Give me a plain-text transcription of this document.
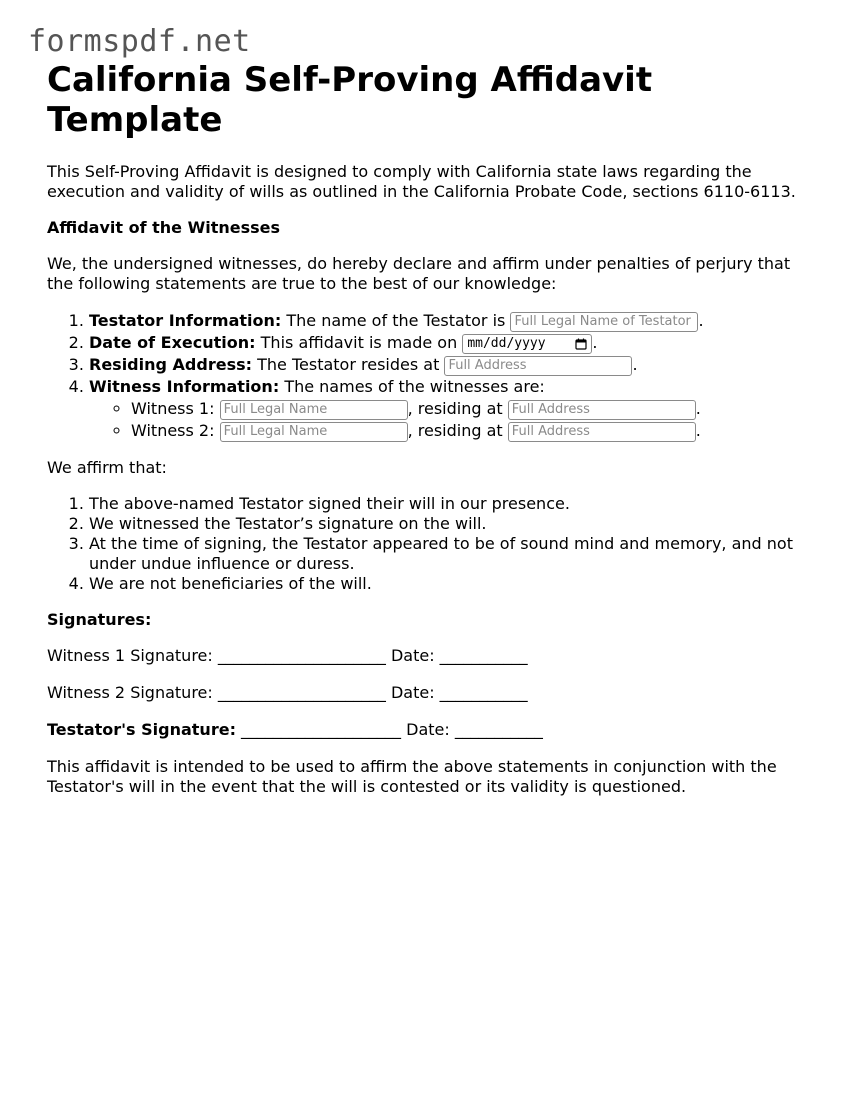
formspdf.net
California Self-Proving Affidavit Template

This Self-Proving Affidavit is designed to comply with California state laws regarding the execution and validity of wills as outlined in the California Probate Code, sections 6110-6113.

Affidavit of the Witnesses

We, the undersigned witnesses, do hereby declare and affirm under penalties of perjury that the following statements are true to the best of our knowledge:

1. Testator Information: The name of the Testator is Full Legal Name of Testator	.
2. Date of Execution: This affidavit is made on mm/dd/yyyy	.
3. Residing Address: The Testator resides at Full Address	.
4. Witness Information: The names of the witnesses are:
◦ Witness 1: Full Legal Name	, residing at Full Address	.
◦ Witness 2: Full Legal Name	, residing at Full Address	.

We affirm that:

1. The above-named Testator signed their will in our presence.
2. We witnessed the Testator’s signature on the will.
3. At the time of signing, the Testator appeared to be of sound mind and memory, and not under undue influence or duress.
4. We are not beneficiaries of the will.

Signatures:

Witness 1 Signature: _____________________ Date: ___________

Witness 2 Signature: _____________________ Date: ___________

Testator's Signature: ____________________ Date: ___________

This affidavit is intended to be used to affirm the above statements in conjunction with the Testator's will in the event that the will is contested or its validity is questioned.
